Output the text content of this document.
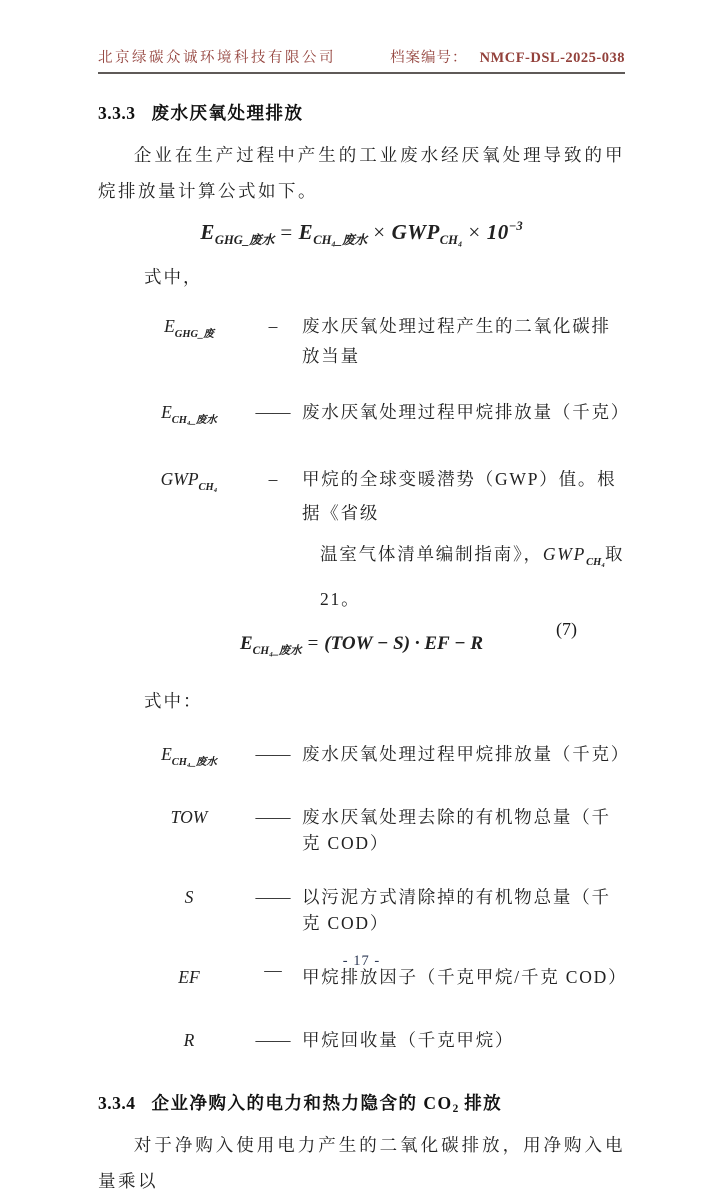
北京绿碳众诚环境科技有限公司	档案编号： NMCF-DSL-2025-038
3.3.3 废水厌氧处理排放

企业在生产过程中产生的工业废水经厌氧处理导致的甲烷排放量计算公式如下。

$E_{GHG\_废水} = E_{CH_4\_废水} \times GWP_{CH_4} \times 10^{-3}$

式中，

$E_{GHG\_废}$	–	废水厌氧处理过程产生的二氧化碳排放当量
$E_{CH_4\_废水}$	—— 废水厌氧处理过程甲烷排放量（千克）
$GWP_{CH_4}$	–	甲烷的全球变暖潜势（GWP）值。根据《省级
温室气体清单编制指南》，$GWP_{CH_4}$取 21。
$E_{CH_4\_废水} = (TOW - S)$ · EF − R
(7)

式中：

$E_{CH_4\_废水}$	—— 废水厌氧处理过程甲烷排放量（千克）
TOW	—— 废水厌氧处理去除的有机物总量（千克 COD）
S	—— 以污泥方式清除掉的有机物总量（千克 COD）
EF	—	甲烷排放因子（千克甲烷/千克 COD）
R	—— 甲烷回收量（千克甲烷）
3.3.4 企业净购入的电力和热力隐含的 CO2 排放

对于净购入使用电力产生的二氧化碳排放，用净购入电量乘以

- 17 -
